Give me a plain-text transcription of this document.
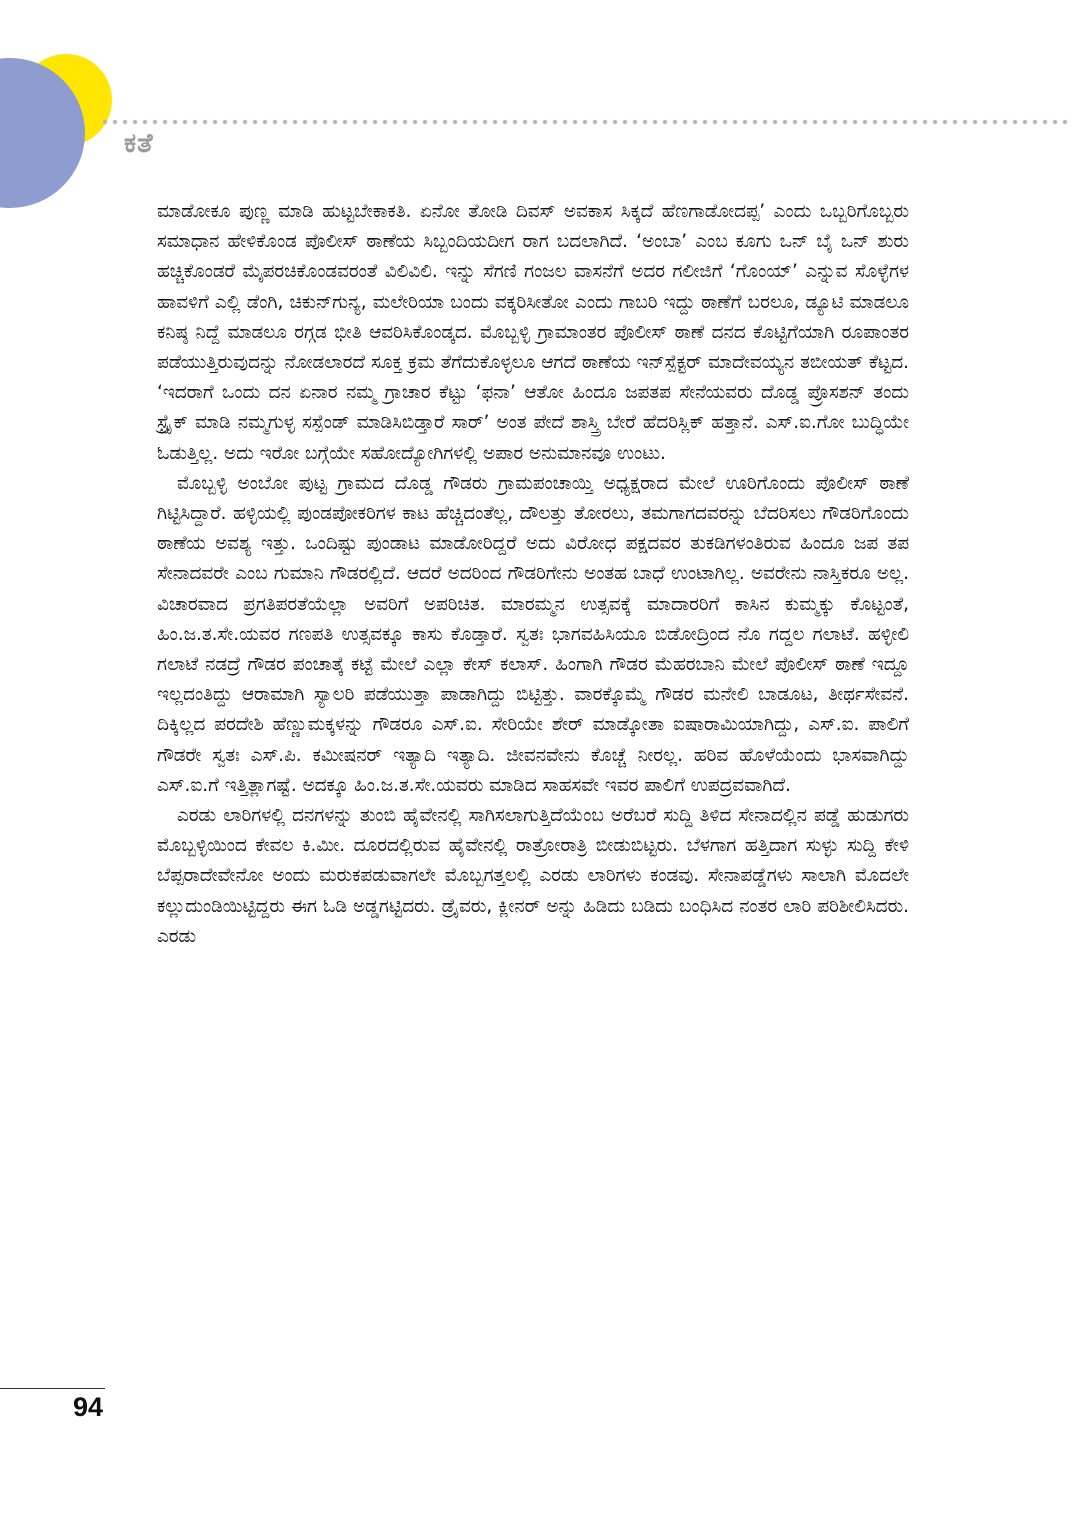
ಕತೆ

ಮಾಡೋಕೂ ಪುಣ್ಣ ಮಾಡಿ ಹುಟ್ಟಬೇಕಾಕತಿ. ಏನೋ ತೋಡಿ ದಿವಸ್ ಅವಕಾಸ ಸಿಕ್ಕದೆ ಹೆಣಗಾಡೋದಪ್ಪ’ ಎಂದು ಒಬ್ಬರಿಗೊಬ್ಬರು ಸಮಾಧಾನ ಹೇಳಿಕೊಂಡ ಪೊಲೀಸ್ ಠಾಣೆಯ ಸಿಬ್ಬಂದಿಯದೀಗ ರಾಗ ಬದಲಾಗಿದೆ. ‘ಅಂಬಾ’ ಎಂಬ ಕೂಗು ಒನ್ ಬೈ ಒನ್ ಶುರು ಹಚ್ಚಿಕೊಂಡರೆ ಮೈಪರಚಿಕೊಂಡವರಂತೆ ವಿಲಿವಿಲಿ. ಇನ್ನು ಸೆಗಣಿ ಗಂಜಲ ವಾಸನೆಗೆ ಅದರ ಗಲೀಜಿಗೆ ‘ಗೊಂಯ್’ ಎನ್ನುವ ಸೊಳ್ಳೆಗಳ ಹಾವಳಿಗೆ ಎಲ್ಲಿ ಡೆಂಗಿ, ಚಿಕುನ್‌ಗುನ್ಯ, ಮಲೇರಿಯಾ ಬಂದು ವಕ್ಕರಿಸೀತೋ ಎಂದು ಗಾಬರಿ ಇದ್ದು ಠಾಣೆಗೆ ಬರಲೂ, ಡ್ಯೂಟಿ ಮಾಡಲೂ ಕನಿಷ್ಠ ನಿದ್ದೆ ಮಾಡಲೂ ರಗ್ಗಡ ಭೀತಿ ಆವರಿಸಿಕೊಂಡ್ಕದ. ಮೊಬ್ಬಳ್ಳಿ ಗ್ರಾಮಾಂತರ ಪೊಲೀಸ್ ಠಾಣೆ ದನದ ಕೊಟ್ಟಿಗೆಯಾಗಿ ರೂಪಾಂತರ ಪಡೆಯುತ್ತಿರುವುದನ್ನು ನೋಡಲಾರದೆ ಸೂಕ್ತ ಕ್ರಮ ತೆಗೆದುಕೊಳ್ಳಲೂ ಆಗದೆ ಠಾಣೆಯ ಇನ್‌ಸ್ಪೆಕ್ಟರ್ ಮಾದೇವಯ್ಯನ ತಬೀಯತ್ ಕೆಟ್ಟದ. ‘ಇದರಾಗೆ ಒಂದು ದನ ಏನಾರ ನಮ್ಮ ಗ್ರಾಚಾರ ಕೆಟ್ಟು ‘ಫನಾ’ ಆತೋ ಹಿಂದೂ ಜಪತಪ ಸೇನೆಯವರು ದೊಡ್ಡ ಪ್ರೊಸಶನ್ ತಂದು ಸ್ಟ್ರೈಕ್ ಮಾಡಿ ನಮ್ಮಗುಳ್ಳ ಸಸ್ಪೆಂಡ್ ಮಾಡಿಸಿಬಿಡ್ತಾರೆ ಸಾರ್’ ಅಂತ ಪೇದೆ ಶಾಸ್ತ್ರಿ ಬೇರೆ ಹೆದರಿಸ್ಲಿಕ್ ಹತ್ತಾನೆ. ಎಸ್.ಐ.ಗೋ ಬುದ್ಧಿಯೇ ಓಡುತ್ತಿಲ್ಲ. ಅದು ಇರೋ ಬಗ್ಗೆಯೇ ಸಹೋದ್ಯೋಗಿಗಳಲ್ಲಿ ಅಪಾರ ಅನುಮಾನವೂ ಉಂಟು.

ಮೊಬ್ಬಳ್ಳಿ ಅಂಬೋ ಪುಟ್ಟ ಗ್ರಾಮದ ದೊಡ್ಡ ಗೌಡರು ಗ್ರಾಮಪಂಚಾಯ್ತಿ ಅಧ್ಯಕ್ಷರಾದ ಮೇಲೆ ಊರಿಗೊಂದು ಪೊಲೀಸ್ ಠಾಣೆ ಗಿಟ್ಟಿಸಿದ್ದಾರೆ. ಹಳ್ಳಿಯಲ್ಲಿ ಪುಂಡಪೋಕರಿಗಳ ಕಾಟ ಹೆಚ್ಚಿದಂತೆಲ್ಲ, ದೌಲತ್ತು ತೋರಲು, ತಮಗಾಗದವರನ್ನು ಬೆದರಿಸಲು ಗೌಡರಿಗೊಂದು ಠಾಣೆಯ ಅವಶ್ಯ ಇತ್ತು. ಒಂದಿಷ್ಟು ಪುಂಡಾಟ ಮಾಡೋರಿದ್ದರೆ ಅದು ವಿರೋಧ ಪಕ್ಷದವರ ತುಕಡಿಗಳಂತಿರುವ ಹಿಂದೂ ಜಪ ತಪ ಸೇನಾದವರೇ ಎಂಬ ಗುಮಾನಿ ಗೌಡರಲ್ಲಿದೆ. ಆದರೆ ಅದರಿಂದ ಗೌಡರಿಗೇನು ಅಂತಹ ಬಾಧೆ ಉಂಟಾಗಿಲ್ಲ. ಅವರೇನು ನಾಸ್ತಿಕರೂ ಅಲ್ಲ. ವಿಚಾರವಾದ ಪ್ರಗತಿಪರತೆಯೆಲ್ಲಾ ಅವರಿಗೆ ಅಪರಿಚಿತ. ಮಾರಮ್ಮನ ಉತ್ಸವಕ್ಕೆ ಮಾದಾರರಿಗೆ ಕಾಸಿನ ಕುಮ್ಮಕ್ಕು ಕೊಟ್ಟಂತೆ, ಹಿಂ.ಜ.ತ.ಸೇ.ಯವರ ಗಣಪತಿ ಉತ್ಸವಕ್ಕೂ ಕಾಸು ಕೊಡ್ತಾರೆ. ಸ್ವತಃ ಭಾಗವಹಿಸಿಯೂ ಬಿಡೋದ್ರಿಂದ ನೊ ಗದ್ದಲ ಗಲಾಟೆ. ಹಳ್ಳೀಲಿ ಗಲಾಟೆ ನಡದ್ರೆ ಗೌಡರ ಪಂಚಾತ್ಕೆ ಕಟ್ಟೆ ಮೇಲೆ ಎಲ್ಲಾ ಕೇಸ್ ಕಲಾಸ್. ಹಿಂಗಾಗಿ ಗೌಡರ ಮೆಹರಬಾನಿ ಮೇಲೆ ಪೊಲೀಸ್ ಠಾಣೆ ಇದ್ದೂ ಇಲ್ಲದಂತಿದ್ದು ಆರಾಮಾಗಿ ಸ್ಯಾಲರಿ ಪಡೆಯುತ್ತಾ ಪಾಡಾಗಿದ್ದು ಬಿಟ್ಟಿತ್ತು. ವಾರಕ್ಕೊಮ್ಮೆ ಗೌಡರ ಮನೇಲಿ ಬಾಡೂಟ, ತೀರ್ಥಸೇವನೆ. ದಿಕ್ಕಿಲ್ಲದ ಪರದೇಶಿ ಹೆಣ್ಣುಮಕ್ಕಳನ್ನು ಗೌಡರೂ ಎಸ್.ಐ. ಸೇರಿಯೇ ಶೇರ್ ಮಾಡ್ಕೋತಾ ಐಷಾರಾಮಿಯಾಗಿದ್ದು, ಎಸ್.ಐ. ಪಾಲಿಗೆ ಗೌಡರೇ ಸ್ವತಃ ಎಸ್.ಪಿ. ಕಮೀಷನರ್ ಇತ್ಯಾದಿ ಇತ್ಯಾದಿ. ಜೀವನವೇನು ಕೊಚ್ಚೆ ನೀರಲ್ಲ. ಹರಿವ ಹೊಳೆಯೆಂದು ಭಾಸವಾಗಿದ್ದು ಎಸ್.ಐ.ಗೆ ಇತ್ತಿತ್ಲಾಗಷ್ಟೆ. ಅದಕ್ಕೂ ಹಿಂ.ಜ.ತ.ಸೇ.ಯವರು ಮಾಡಿದ ಸಾಹಸವೇ ಇವರ ಪಾಲಿಗೆ ಉಪದ್ರವವಾಗಿದೆ.

ಎರಡು ಲಾರಿಗಳಲ್ಲಿ ದನಗಳನ್ನು ತುಂಬಿ ಹೈವೇನಲ್ಲಿ ಸಾಗಿಸಲಾಗುತ್ತಿದೆಯೆಂಬ ಅರೆಬರೆ ಸುದ್ದಿ ತಿಳಿದ ಸೇನಾದಲ್ಲಿನ ಪಡ್ಡೆ ಹುಡುಗರು ಮೊಬ್ಬಳ್ಳಿಯಿಂದ ಕೇವಲ ಕಿ.ಮೀ. ದೂರದಲ್ಲಿರುವ ಹೈವೇನಲ್ಲಿ ರಾತ್ರೋರಾತ್ರಿ ಬೀಡುಬಿಟ್ಟರು. ಬೆಳಗಾಗ ಹತ್ತಿದಾಗ ಸುಳ್ಳು ಸುದ್ದಿ ಕೇಳಿ ಬೆಪ್ಪರಾದೇವೇನೋ ಅಂದು ಮರುಕಪಡುವಾಗಲೇ ಮೊಬ್ಬಗತ್ತಲಲ್ಲಿ ಎರಡು ಲಾರಿಗಳು ಕಂಡವು. ಸೇನಾಪಡ್ಡೆಗಳು ಸಾಲಾಗಿ ಮೊದಲೇ ಕಲ್ಲುದುಂಡಿಯಿಟ್ಟಿದ್ದರು ಈಗ ಓಡಿ ಅಡ್ಡಗಟ್ಟಿದರು. ಡ್ರೈವರು, ಕ್ಲೀನರ್ ಅನ್ನು ಹಿಡಿದು ಬಡಿದು ಬಂಧಿಸಿದ ನಂತರ ಲಾರಿ ಪರಿಶೀಲಿಸಿದರು. ಎರಡು

94
